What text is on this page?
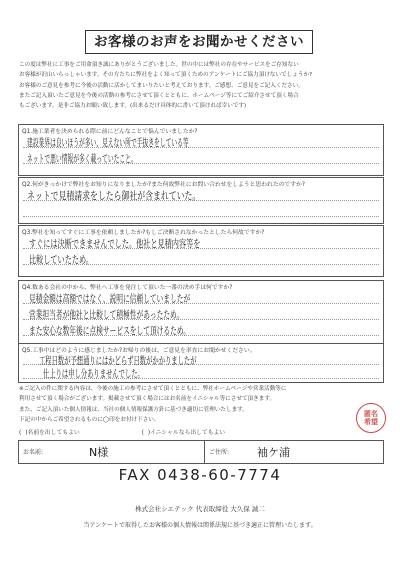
お客様のお声をお聞かせください

この度は弊社に工事をご用命頂き誠にありがとうございました。世の中には弊社の存在やサービスをご存知ない

お客様が沢山いらっしゃいます。その方たちに弊社をよく知って頂くためのアンケートにご協力頂けないでしょうか?

お客様のご意見を参考に今後の活動に活かしてまいりたいと考えております。ご感想、ご意見をご記入ください。

またご記入頂いたご意見を今後の活動の参考にさせて頂くとともに、ホームページ等にてご紹介させて頂く場合

もございます。是非ご協力お願い致します。(出来るだけ具体的に書いて頂ければ幸いです)

Q1.施工業者を決められる際に前にどんなことで悩んでいましたか?
建設業界は良いほうが多い、見えない所で手抜きをしている等
ネットで悪い情報が多く載っていたこと。
Q2.何がきっかけで弊社をお知りになりましたか?また何故弊社にお問い合わせをしようと思われたのですか?
ネットで見積請求をしたら御社が含まれていた。
Q3.弊社を知ってすぐに工事を依頼しましたか?もしご決断されなかったとしたら何故ですか?
すぐには決断できませんでした。他社と見積内容等を
比較していたため。
Q4.数ある会社の中から、弊社へ工事を発注して頂いた一番の決め手は何ですか?
見積金額は高額ではなく、説明に信頼していましたが
営業担当者が他社と比較して積極性があったため。
また安心な数年後に点検サービスをして頂けるため。
Q5.工事中はどのように感じましたか?お帰りの後は、ご意見を率直にお聞かせください。
工程日数が予想通りにはかどらず日数がかかりましたが
仕上りは申し分ありませんでした。

※ご記入の件に関する内容は、今後の施工の参考にさせて頂くとともに、弊社ホームページや営業活動等に

利用させて頂く場合がございます。掲載させて頂く場合にはお名前をイニシャル等にさせて頂きます。

また、ご記入頂いた個人情報は、当社の個人情報保護方針に基づき適切に管理いたします。

下記の中からご希望されるものに◯印をお付け下さい。

( )名前を出してもよい	( )イニシャルなら出してもよい
匿名
希望
お名前:	N様	ご住所:	袖ケ浦
FAX 0438-60-7774
株式会社シエテック 代表取締役 大久保 誠二
当アンケートで取得したお客様の個人情報は関係法規に基づき適正に管理いたします。
